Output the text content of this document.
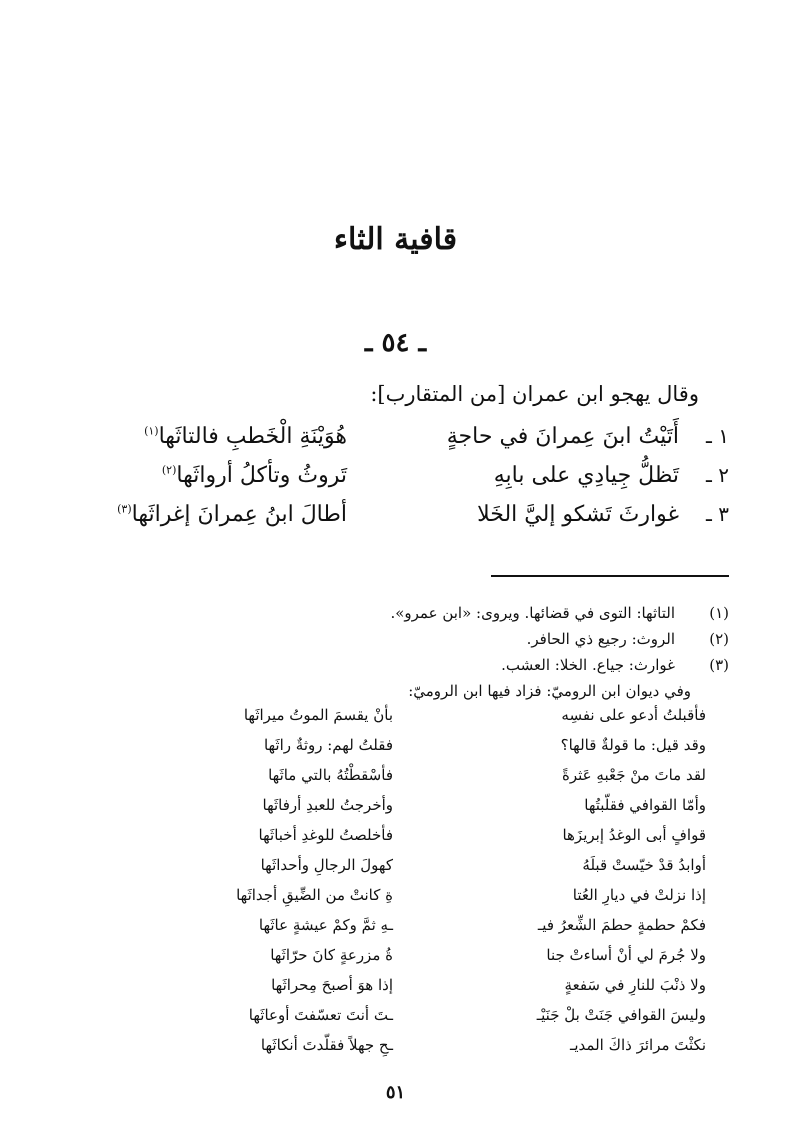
قافية الثاء
ـ ٥٤ ـ
وقال يهجو ابن عمران [من المتقارب]:
١ ـ
أَتَيْتُ ابنَ عِمرانَ في حاجةٍ
هُوَيْنَةِ الْخَطبِ فالتاثَها$^{(١)}$
٢ ـ
تَظلُّ جِيادِي على بابِهِ
تَروثُ وتأكلُ أرواثَها$^{(٢)}$
٣ ـ
غوارثَ تَشكو إليَّ الخَلا
أطالَ ابنُ عِمرانَ إغراثَها$^{(٣)}$
(١)التاثها: التوى في قضائها. ويروى: «ابن عمرو».
(٢)الروث: رجيع ذي الحافر.
(٣)غوارث: جياع. الخلا: العشب.
وفي ديوان ابن الروميّ: فزاد فيها ابن الروميّ:
فأقبلتُ أدعو على نفسِه
بأنْ يقسمَ الموتُ ميراثَها
وقد قيل: ما قولةٌ قالها؟
فقلتُ لهم: روثةٌ راثَها
لقد ماتَ منْ جَعْبهِ عَثرةً
فأسْقطْتُهُ بالتي ماثَها
وأمّا القوافي فقلّبتُها
وأخرجتُ للعبدِ أرفاثَها
قوافٍ أبى الوغدُ إبريزَها
فأخلصتُ للوغدِ أخباثَها
أوابدُ قدْ خيّستْ قبلَهُ
كهولَ الرجالِ وأحداثَها
إذا نزلتْ في ديارِ العُتا
ةِ كانتْ من الضِّيقِ أجداثَها
فكمْ حطمةٍ حطمَ الشِّعرُ فيـ
ـهِ ثمَّ وكمْ عيشةٍ عاثَها
ولا جُرمَ لي أنْ أساءتْ جنا
ةُ مزرعةٍ كانَ حرّاثَها
ولا ذنْبَ للنارِ في سَفعةٍ
إذا هوَ أصبحَ مِحراثَها
وليسَ القوافي جَنَتْ بلْ جَنَيْـ
ـتَ أنتَ تعسّفتَ أوعاثَها
نكثْتَ مرائرَ ذاكَ المديـ
ـحِ جهلاً فقلّدتَ أنكاثَها
٥١
